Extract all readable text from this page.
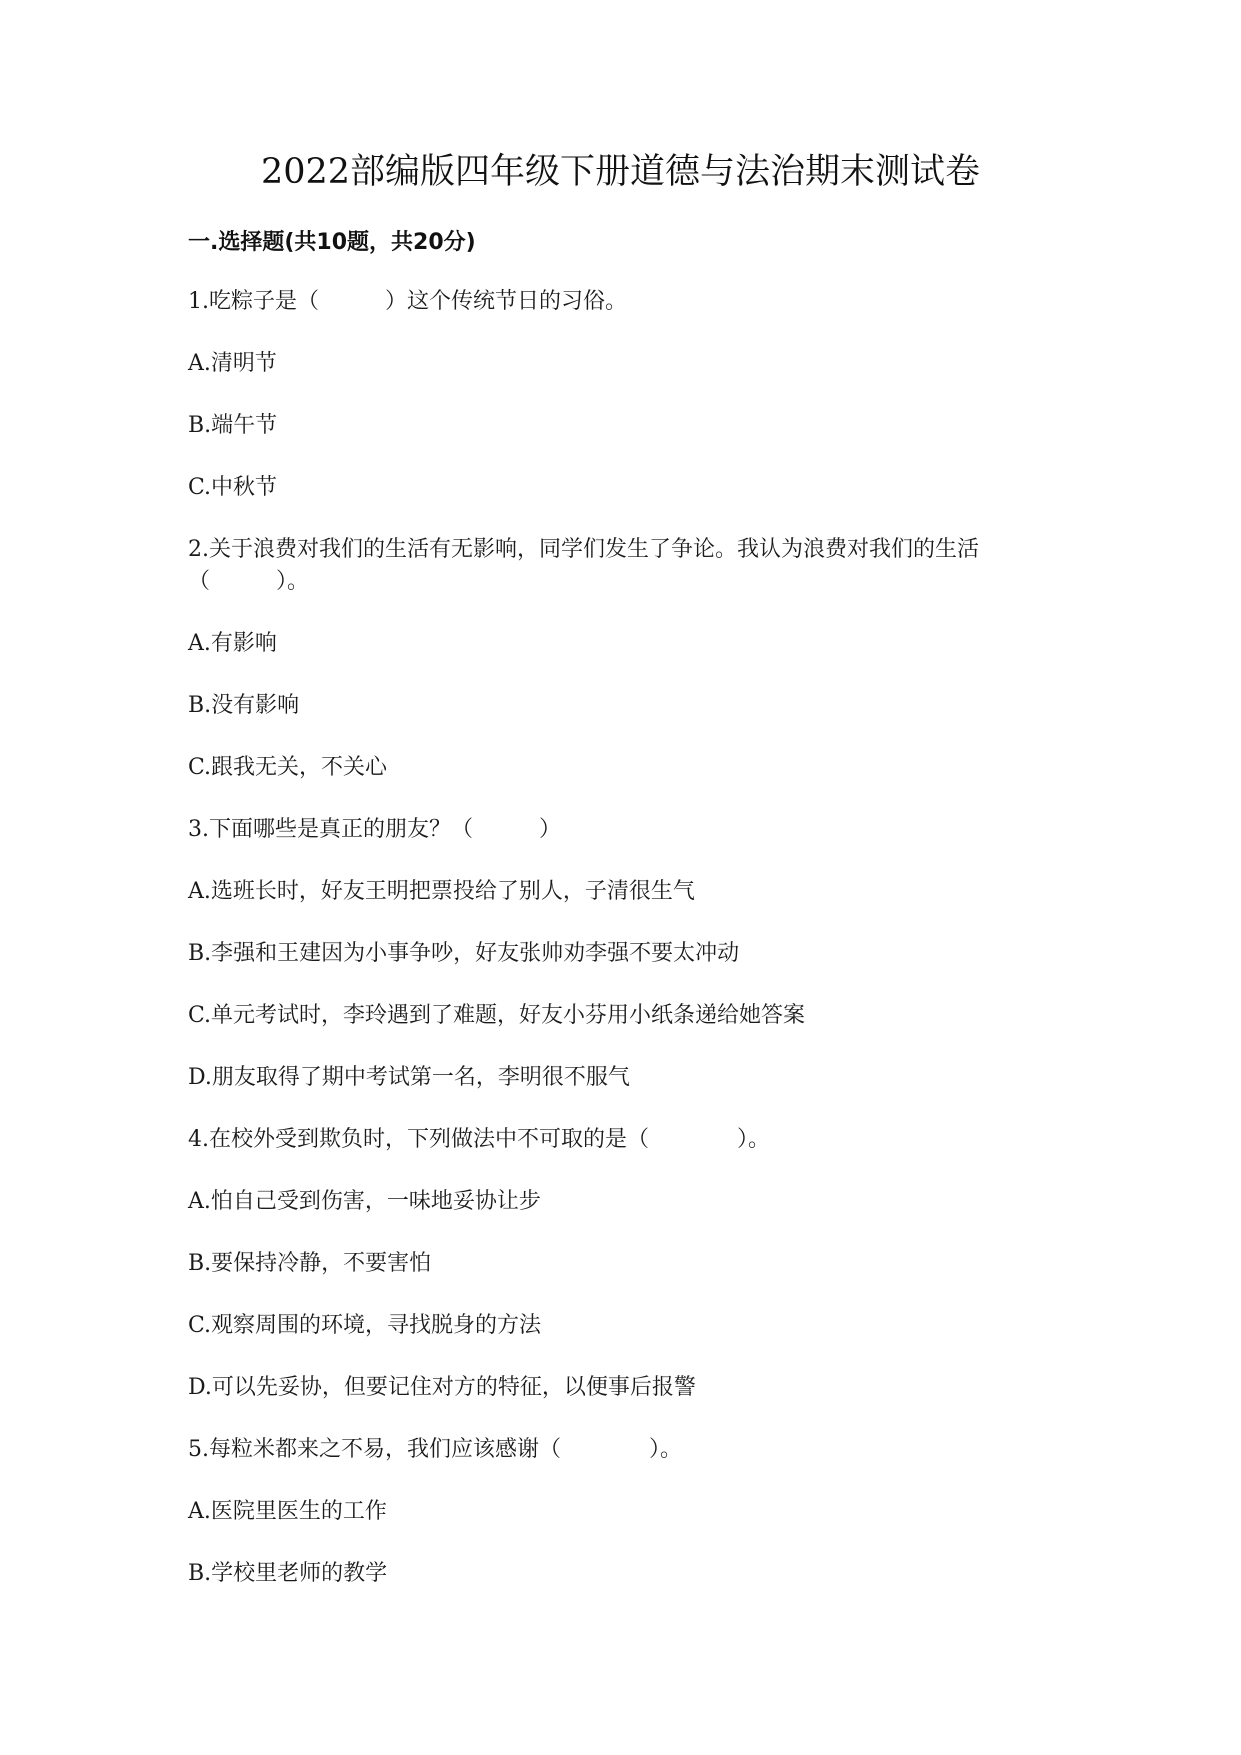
2022部编版四年级下册道德与法治期末测试卷
一.选择题(共10题，共20分)
1.吃粽子是（　　　）这个传统节日的习俗。
A.清明节
B.端午节
C.中秋节
2.关于浪费对我们的生活有无影响，同学们发生了争论。我认为浪费对我们的生活（　　　）。
A.有影响
B.没有影响
C.跟我无关，不关心
3.下面哪些是真正的朋友？（　　　）
A.选班长时，好友王明把票投给了别人，子清很生气
B.李强和王建因为小事争吵，好友张帅劝李强不要太冲动
C.单元考试时，李玲遇到了难题，好友小芬用小纸条递给她答案
D.朋友取得了期中考试第一名，李明很不服气
4.在校外受到欺负时，下列做法中不可取的是（　　　　）。
A.怕自己受到伤害，一味地妥协让步
B.要保持冷静，不要害怕
C.观察周围的环境，寻找脱身的方法
D.可以先妥协，但要记住对方的特征，以便事后报警
5.每粒米都来之不易，我们应该感谢（　　　　）。
A.医院里医生的工作
B.学校里老师的教学
